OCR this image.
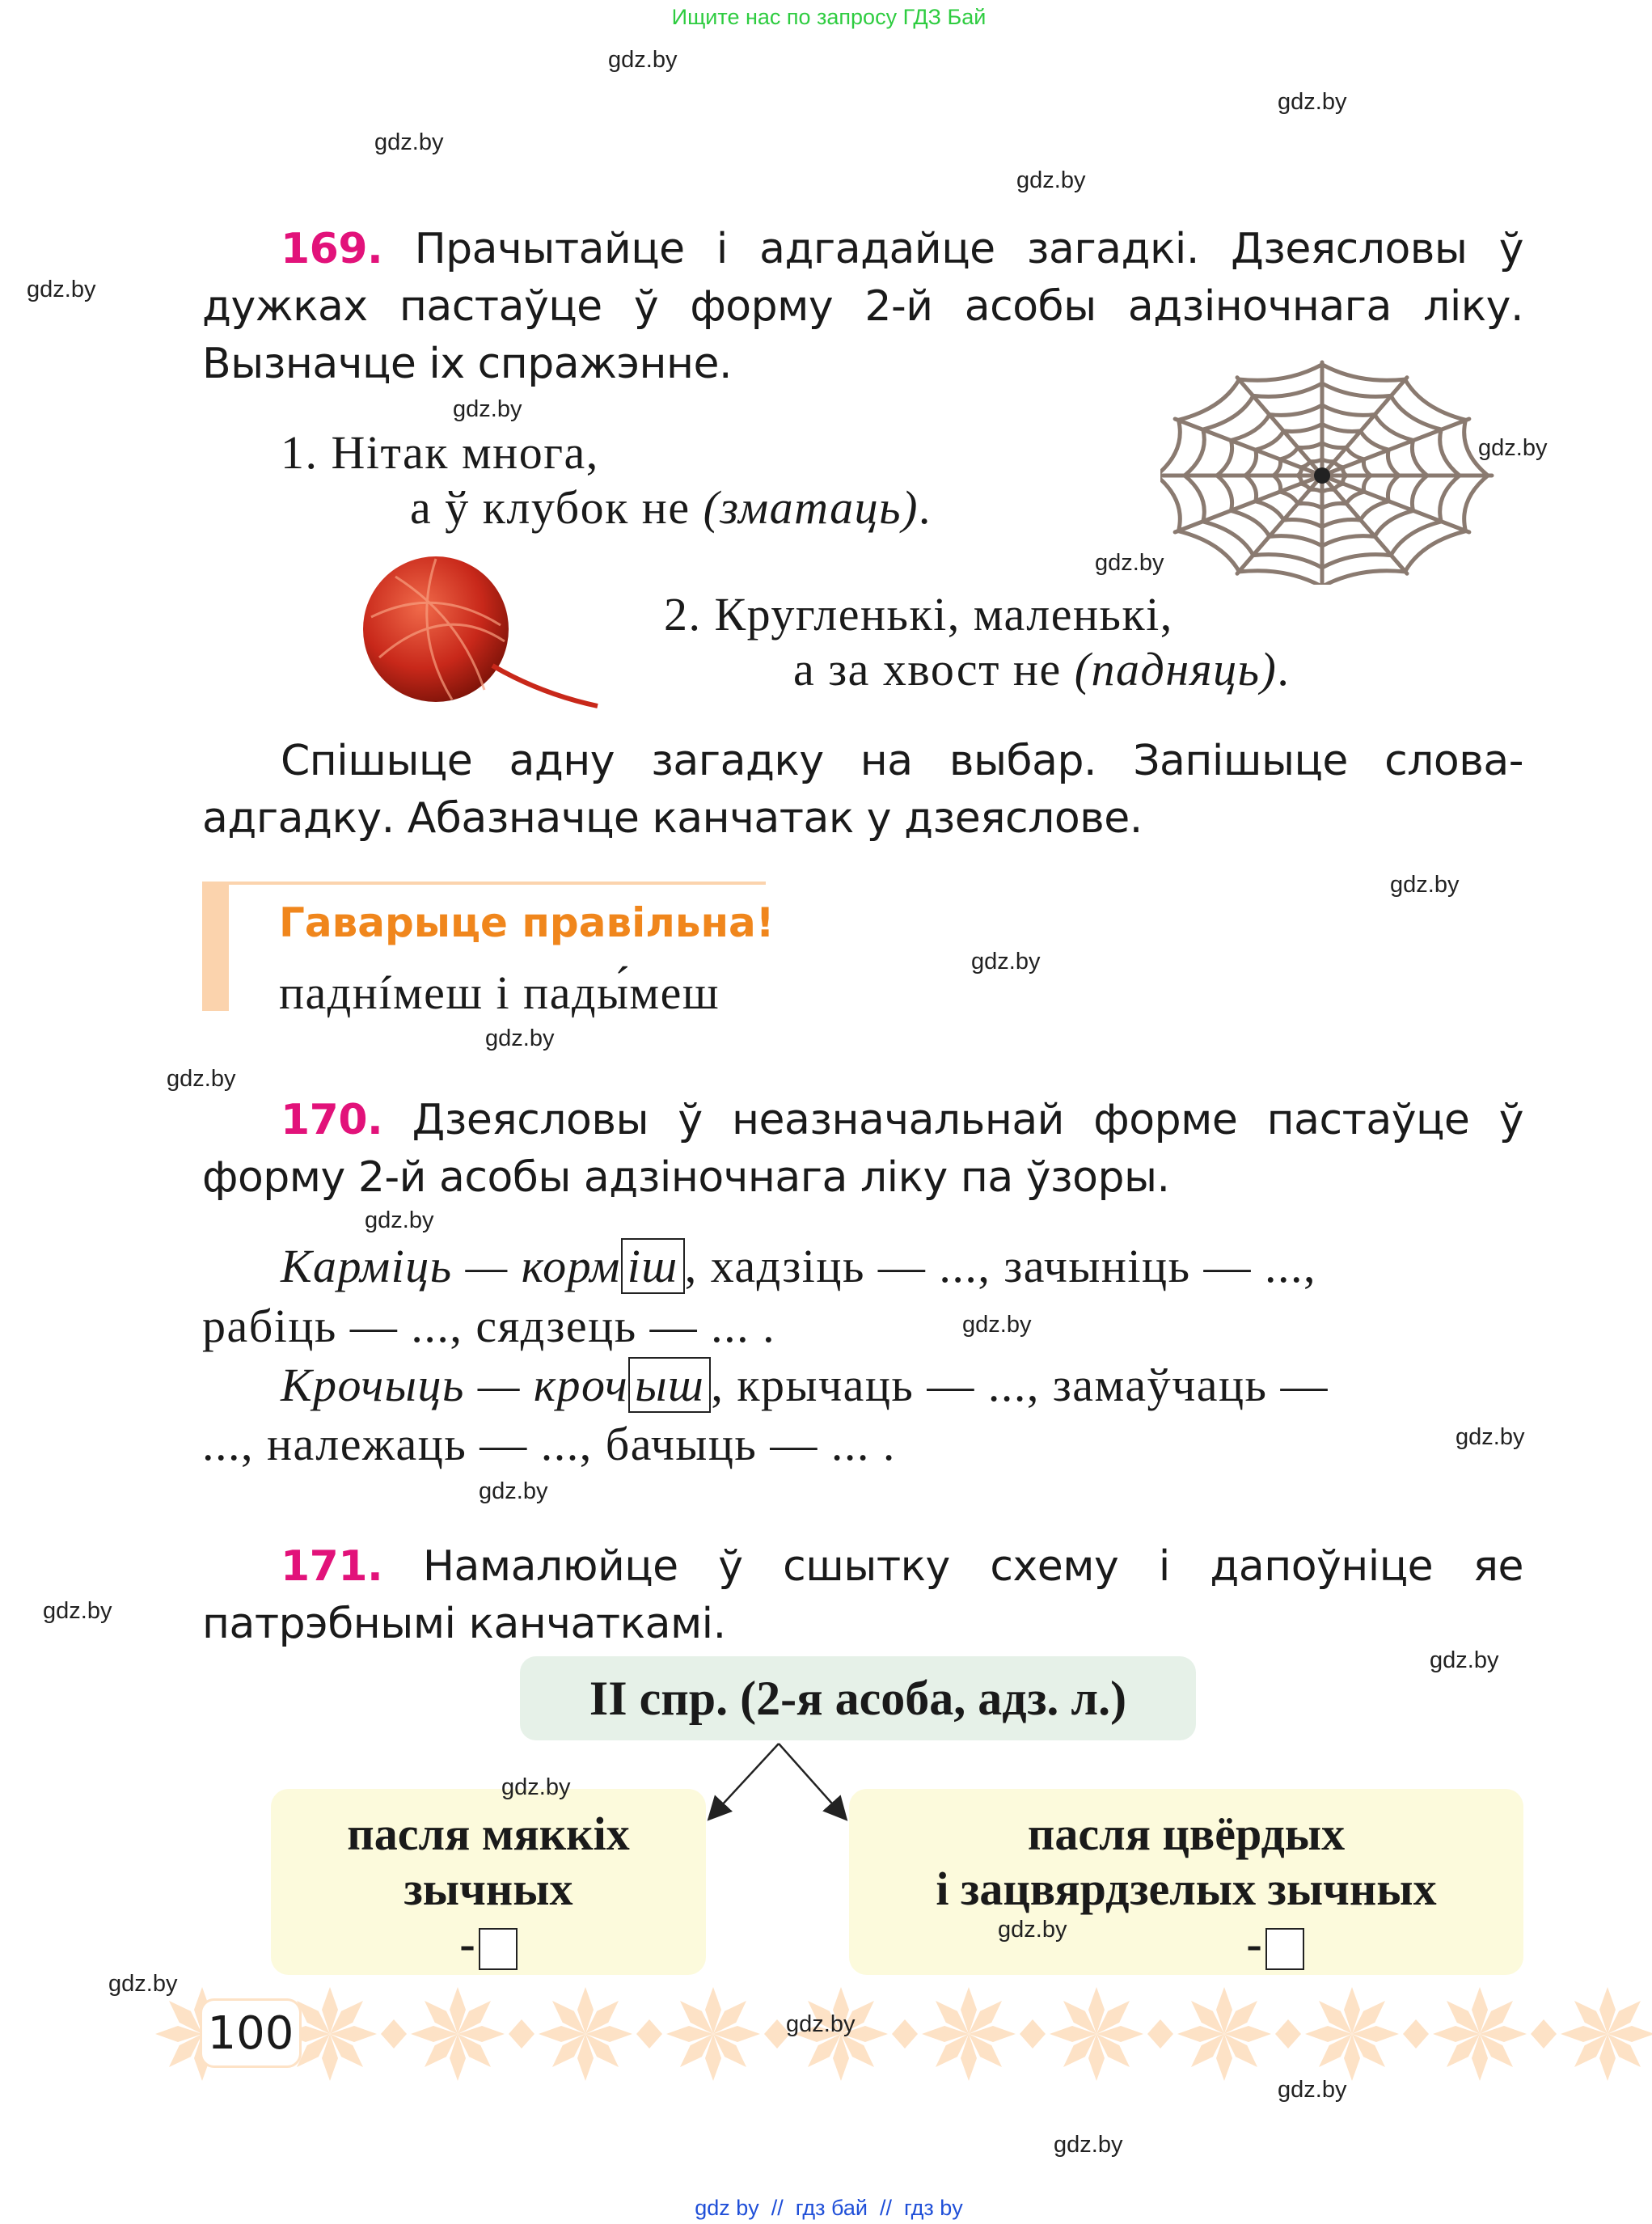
Ищите нас по запросу ГДЗ Бай
169. Прачытайце і адгадайце загадкі. Дзеясловы ў дужках пастаўце ў форму 2-й асобы адзіночнага ліку. Вызначце іх спражэнне.
1. Нітак многа,
а ў клубок не (зматаць).
2. Кругленькі, маленькі,
а за хвост не (падняць).
Спішыце адну загадку на выбар. Запішыце слова-адгадку. Абазначце канчатак у дзеяслове.
Гаварыце правільна!
паднíмеш і пады́меш
170. Дзеясловы ў неазначальнай форме пастаўце ў форму 2-й асобы адзіночнага ліку па ўзоры.
Карміць — корм іш , хадзіць — ..., зачыніць — ...,
рабіць — ..., сядзець — ... .
Крочыць — кроч ыш , крычаць — ..., замаўчаць —
..., належаць — ..., бачыць — ... .
171. Намалюйце ў сшытку схему і дапоўніце яе патрэбнымі канчаткамі.
II спр. (2-я асоба, адз. л.)
пасля мяккіх
зычных
-
пасля цвёрдых
і зацвярдзелых зычных
-
100
gdz by  //  гдз бай  //  гдз by
gdz.by
gdz.by
gdz.by
gdz.by
gdz.by
gdz.by
gdz.by
gdz.by
gdz.by
gdz.by
gdz.by
gdz.by
gdz.by
gdz.by
gdz.by
gdz.by
gdz.by
gdz.by
gdz.by
gdz.by
gdz.by
gdz.by
gdz.by
gdz.by
